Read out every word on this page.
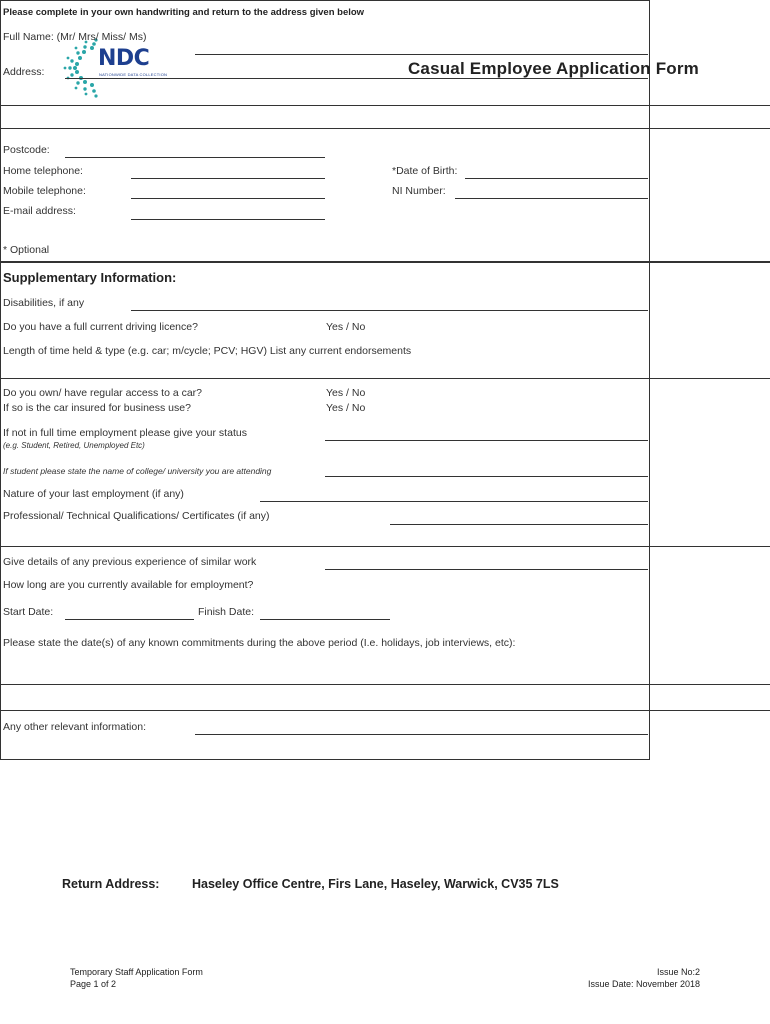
NDC
NATIONWIDE DATA COLLECTION	Casual Employee Application Form
Please complete in your own handwriting and return to the address given below
Full Name: (Mr/ Mrs/ Miss/ Ms)
Address:
Postcode:
Home telephone:	*Date of Birth:
Mobile telephone:	NI Number:
E-mail address:
* Optional
Supplementary Information:
Disabilities, if any
Do you have a full current driving licence?	Yes / No
Length of time held & type (e.g. car; m/cycle; PCV; HGV) List any current endorsements
Do you own/ have regular access to a car?	Yes / No
If so is the car insured for business use?	Yes / No
If not in full time employment please give your status
(e.g. Student, Retired, Unemployed Etc)
If student please state the name of college/ university you are attending
Nature of your last employment (if any)
Professional/ Technical Qualifications/ Certificates (if any)
Give details of any previous experience of similar work
How long are you currently available for employment?
Start Date:	Finish Date:
Please state the date(s) of any known commitments during the above period (I.e. holidays, job interviews, etc):
Any other relevant information:
Return Address:	Haseley Office Centre, Firs Lane, Haseley, Warwick, CV35 7LS
Temporary Staff Application Form
Page 1 of 2
Issue No:2
Issue Date: November 2018
